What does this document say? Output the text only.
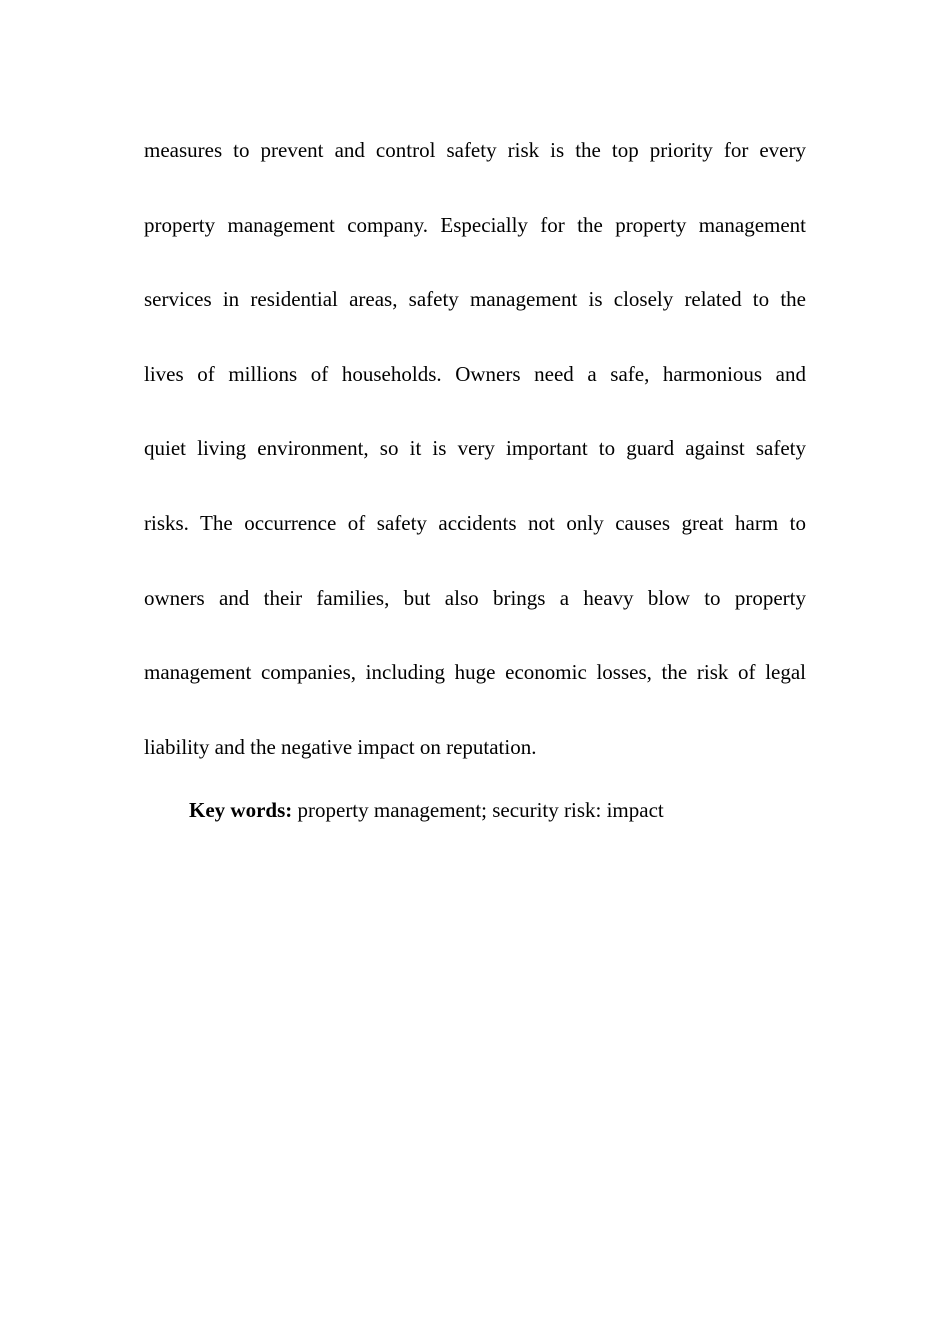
measures to prevent and control safety risk is the top priority for every
property management company. Especially for the property management
services in residential areas, safety management is closely related to the
lives of millions of households. Owners need a safe, harmonious and
quiet living environment, so it is very important to guard against safety
risks. The occurrence of safety accidents not only causes great harm to
owners and their families, but also brings a heavy blow to property
management companies, including huge economic losses, the risk of legal
liability and the negative impact on reputation.
Key words: property management; security risk: impact
